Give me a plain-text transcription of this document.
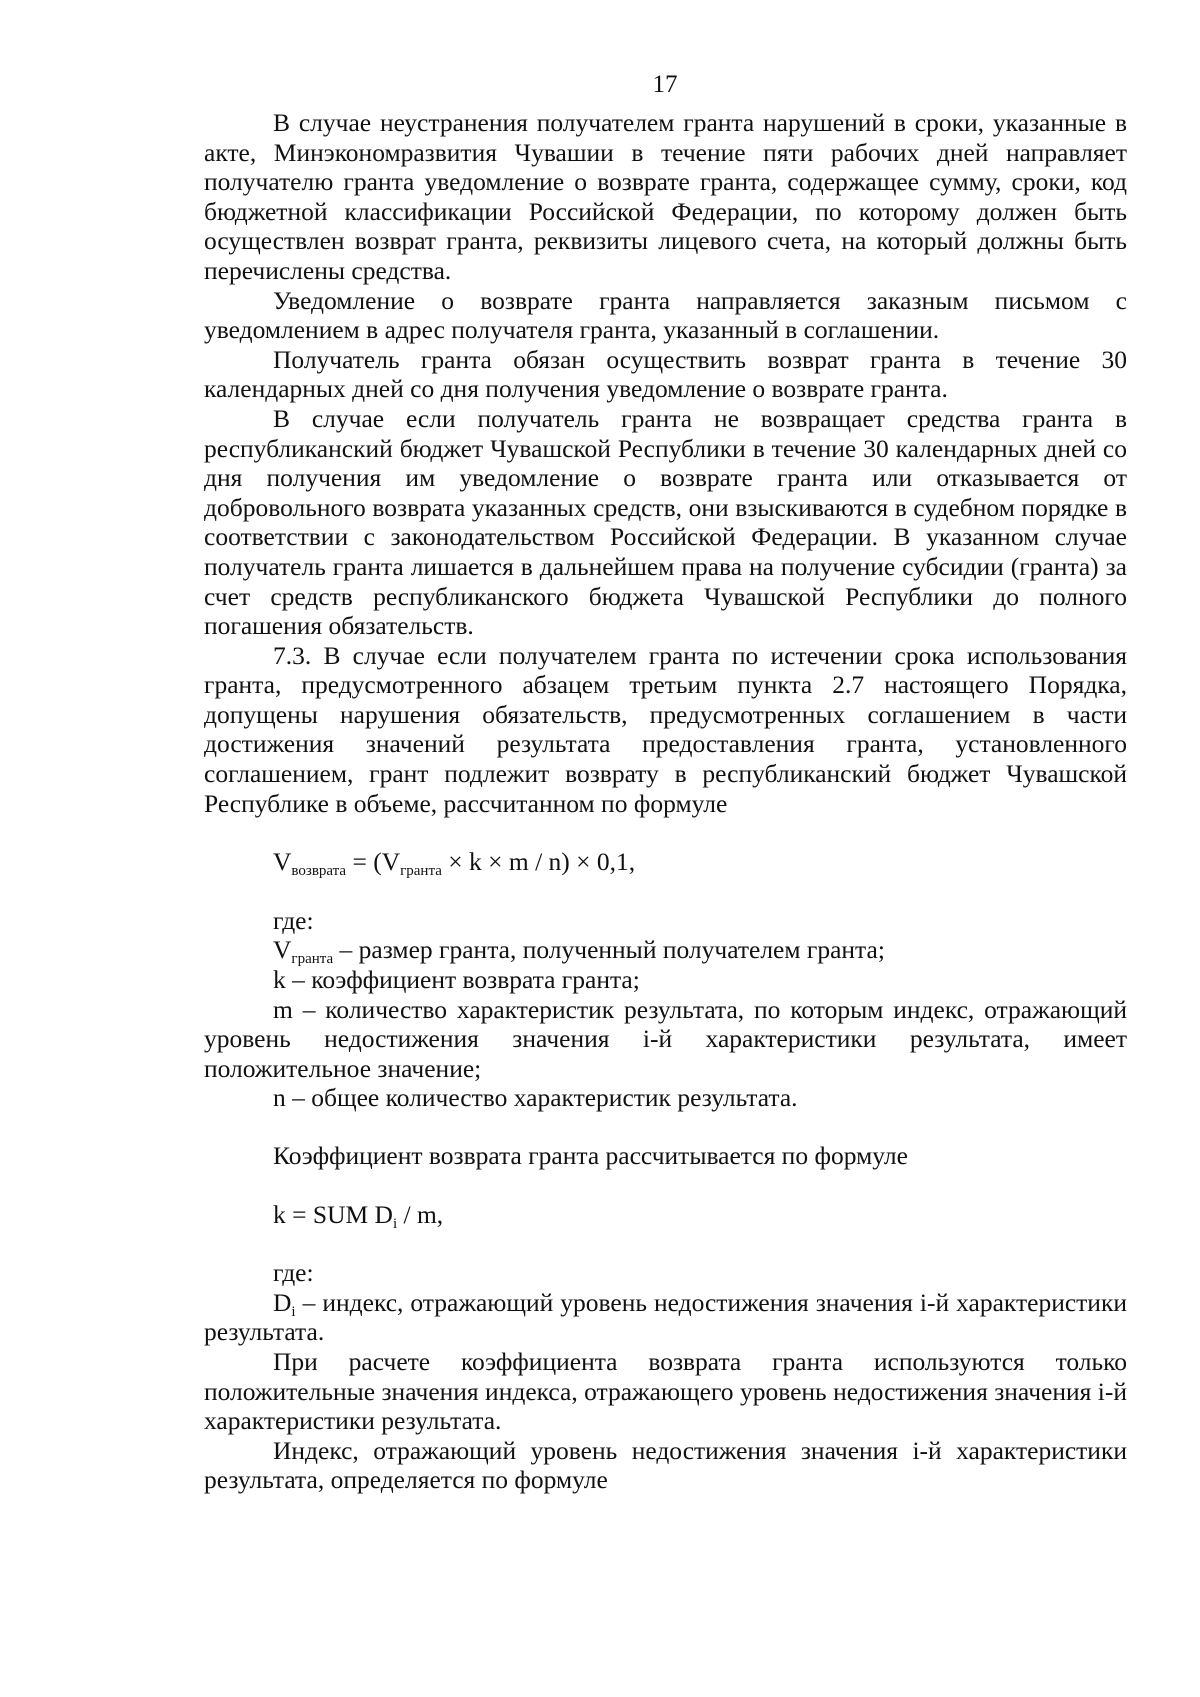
17

В случае неустранения получателем гранта нарушений в сроки, указанные в акте, Минэкономразвития Чувашии в течение пяти рабочих дней направляет получателю гранта уведомление о возврате гранта, содержащее сумму, сроки, код бюджетной классификации Российской Федерации, по которому должен быть осуществлен возврат гранта, реквизиты лицевого счета, на который должны быть перечислены средства.

Уведомление о возврате гранта направляется заказным письмом с уведомлением в адрес получателя гранта, указанный в соглашении.

Получатель гранта обязан осуществить возврат гранта в течение 30 календарных дней со дня получения уведомление о возврате гранта.

В случае если получатель гранта не возвращает средства гранта в республиканский бюджет Чувашской Республики в течение 30 календарных дней со дня получения им уведомление о возврате гранта или отказывается от добровольного возврата указанных средств, они взыскиваются в судебном порядке в соответствии с законодательством Российской Федерации. В указанном случае получатель гранта лишается в дальнейшем права на получение субсидии (гранта) за счет средств республиканского бюджета Чувашской Республики до полного погашения обязательств.

7.3. В случае если получателем гранта по истечении срока использования гранта, предусмотренного абзацем третьим пункта 2.7 настоящего Порядка, допущены нарушения обязательств, предусмотренных соглашением в части достижения значений результата предоставления гранта, установленного соглашением, грант подлежит возврату в республиканский бюджет Чувашской Республике в объеме, рассчитанном по формуле

$V_{возврата} = (V_{гранта} \times k \times m / n) \times 0,1$,

где:

$V_{гранта}$ – размер гранта, полученный получателем гранта;

k – коэффициент возврата гранта;

m – количество характеристик результата, по которым индекс, отражающий уровень недостижения значения i-й характеристики результата, имеет положительное значение;

n – общее количество характеристик результата.

Коэффициент возврата гранта рассчитывается по формуле

k = SUM $D_i$ / m,

где:

$D_i$ – индекс, отражающий уровень недостижения значения i-й характеристики результата.

При расчете коэффициента возврата гранта используются только положительные значения индекса, отражающего уровень недостижения значения i-й характеристики результата.

Индекс, отражающий уровень недостижения значения i-й характеристики результата, определяется по формуле
